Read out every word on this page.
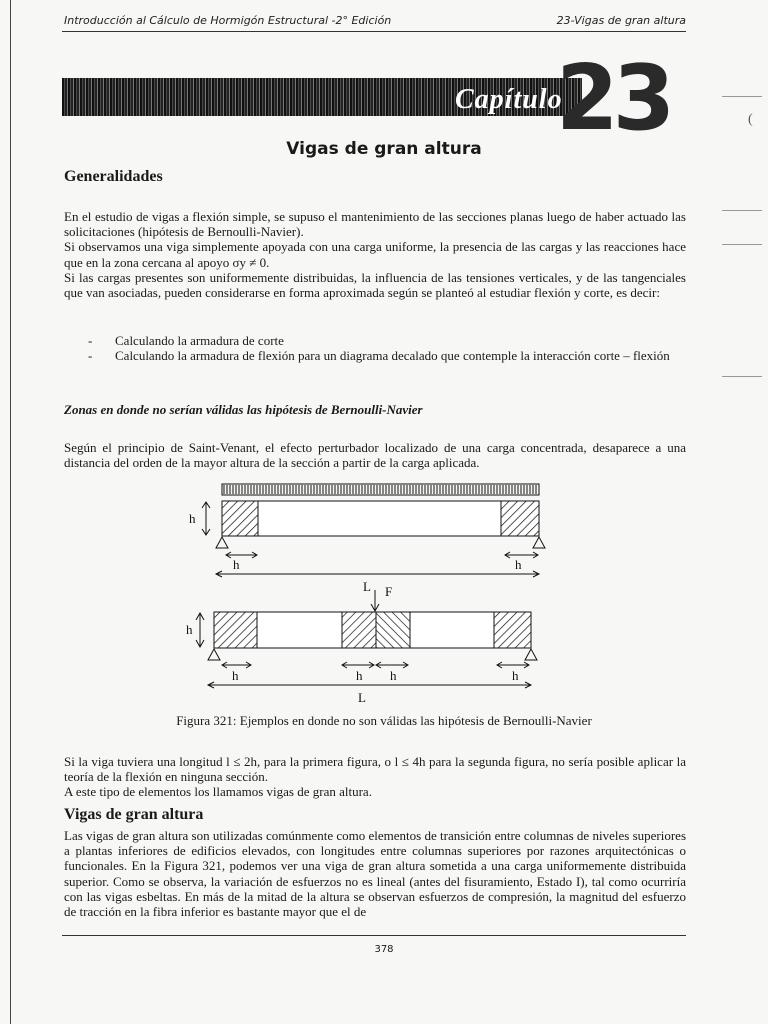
Introducción al Cálculo de Hormigón Estructural -2° Edición	23-Vigas de gran altura
Capítulo
23	(
Vigas de gran altura
Generalidades

En el estudio de vigas a flexión simple, se supuso el mantenimiento de las secciones planas luego de haber actuado las solicitaciones (hipótesis de Bernoulli-Navier).

Si observamos una viga simplemente apoyada con una carga uniforme, la presencia de las cargas y las reacciones hace que en la zona cercana al apoyo σy ≠ 0.

Si las cargas presentes son uniformemente distribuidas, la influencia de las tensiones verticales, y de las tangenciales que van asociadas, pueden considerarse en forma aproximada según se planteó al estudiar flexión y corte, es decir:

- Calculando la armadura de corte
- Calculando la armadura de flexión para un diagrama decalado que contemple la interacción corte – flexión
Zonas en donde no serían válidas las hipótesis de Bernoulli-Navier

Según el principio de Saint-Venant, el efecto perturbador localizado de una carga concentrada, desaparece a una distancia del orden de la mayor altura de la sección a partir de la carga aplicada.

h
h	h
L F
h
h	h h	h
L
Figura 321: Ejemplos en donde no son válidas las hipótesis de Bernoulli-Navier

Si la viga tuviera una longitud l ≤ 2h, para la primera figura, o l ≤ 4h para la segunda figura, no sería posible aplicar la teoría de la flexión en ninguna sección.

A este tipo de elementos los llamamos vigas de gran altura.

Vigas de gran altura

Las vigas de gran altura son utilizadas comúnmente como elementos de transición entre columnas de niveles superiores a plantas inferiores de edificios elevados, con longitudes entre columnas superiores por razones arquitectónicas o funcionales. En la Figura 321, podemos ver una viga de gran altura sometida a una carga uniformemente distribuida superior. Como se observa, la variación de esfuerzos no es lineal (antes del fisuramiento, Estado I), tal como ocurriría con las vigas esbeltas. En más de la mitad de la altura se observan esfuerzos de compresión, la magnitud del esfuerzo de tracción en la fibra inferior es bastante mayor que el de

378
